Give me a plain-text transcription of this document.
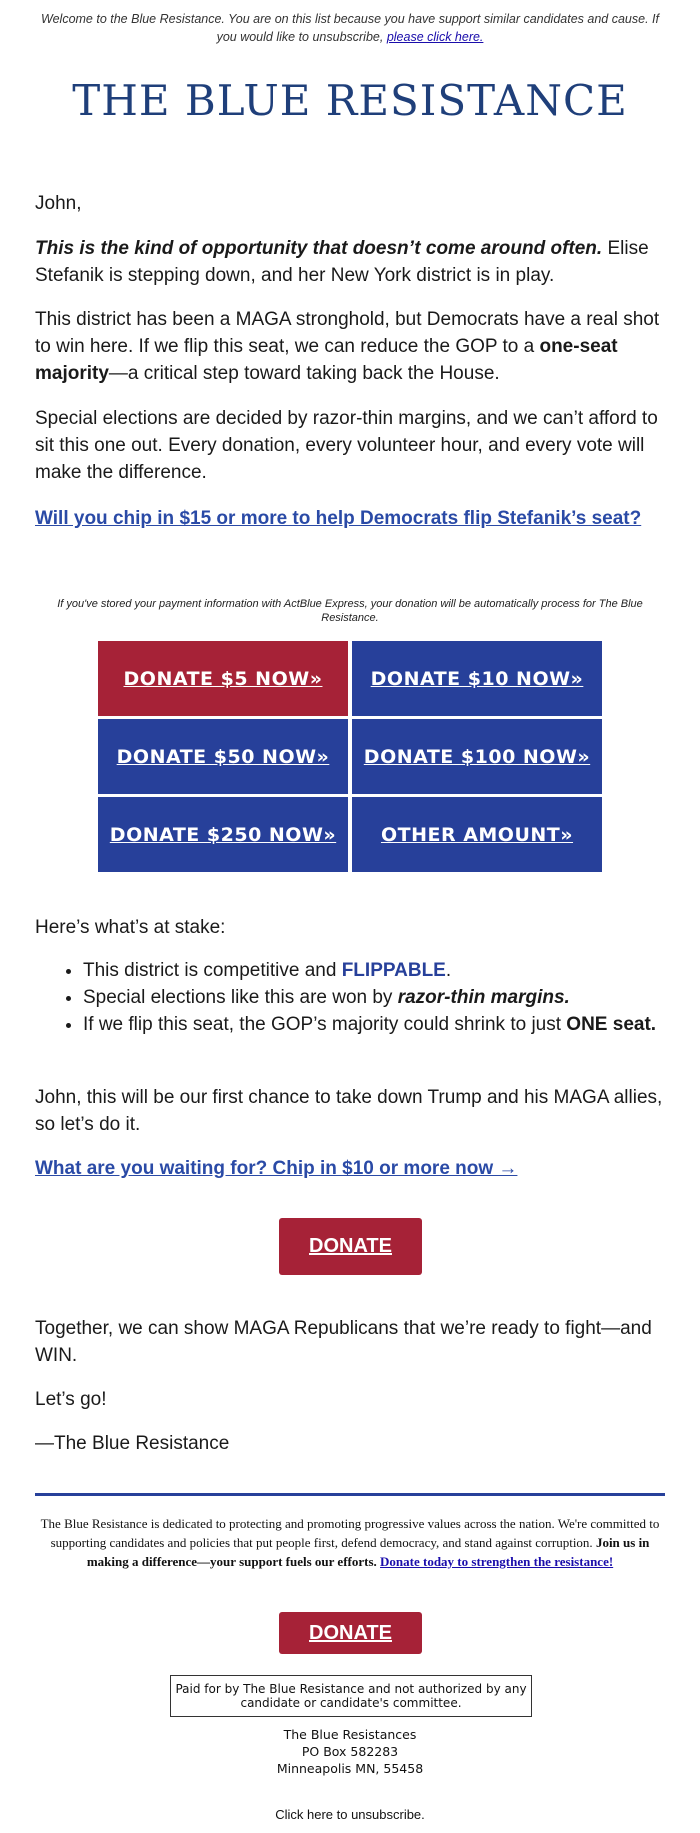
Welcome to the Blue Resistance. You are on this list because you have support similar candidates and cause. If you would like to unsubscribe, please click here.
THE BLUE RESISTANCE

John,

This is the kind of opportunity that doesn’t come around often. Elise Stefanik is stepping down, and her New York district is in play.

This district has been a MAGA stronghold, but Democrats have a real shot to win here. If we flip this seat, we can reduce the GOP to a one-seat majority—a critical step toward taking back the House.

Special elections are decided by razor-thin margins, and we can’t afford to sit this one out. Every donation, every volunteer hour, and every vote will make the difference.

Will you chip in $15 or more to help Democrats flip Stefanik’s seat?
If you've stored your payment information with ActBlue Express, your donation will be automatically process for The Blue Resistance.
DONATE $5 NOW»	DONATE $10 NOW»
DONATE $50 NOW»	DONATE $100 NOW»
DONATE $250 NOW»	OTHER AMOUNT»

Here’s what’s at stake:

• This district is competitive and FLIPPABLE.
• Special elections like this are won by razor-thin margins.
• If we flip this seat, the GOP’s majority could shrink to just ONE seat.

John, this will be our first chance to take down Trump and his MAGA allies, so let’s do it.

What are you waiting for? Chip in $10 or more now →
DONATE

Together, we can show MAGA Republicans that we’re ready to fight—and WIN.

Let’s go!

—The Blue Resistance

The Blue Resistance is dedicated to protecting and promoting progressive values across the nation. We're committed to supporting candidates and policies that put people first, defend democracy, and stand against corruption. Join us in making a difference—your support fuels our efforts. Donate today to strengthen the resistance!
DONATE
Paid for by The Blue Resistance and not authorized by any candidate or candidate's committee.
The Blue Resistances
PO Box 582283
Minneapolis MN, 55458
Click here to unsubscribe.
